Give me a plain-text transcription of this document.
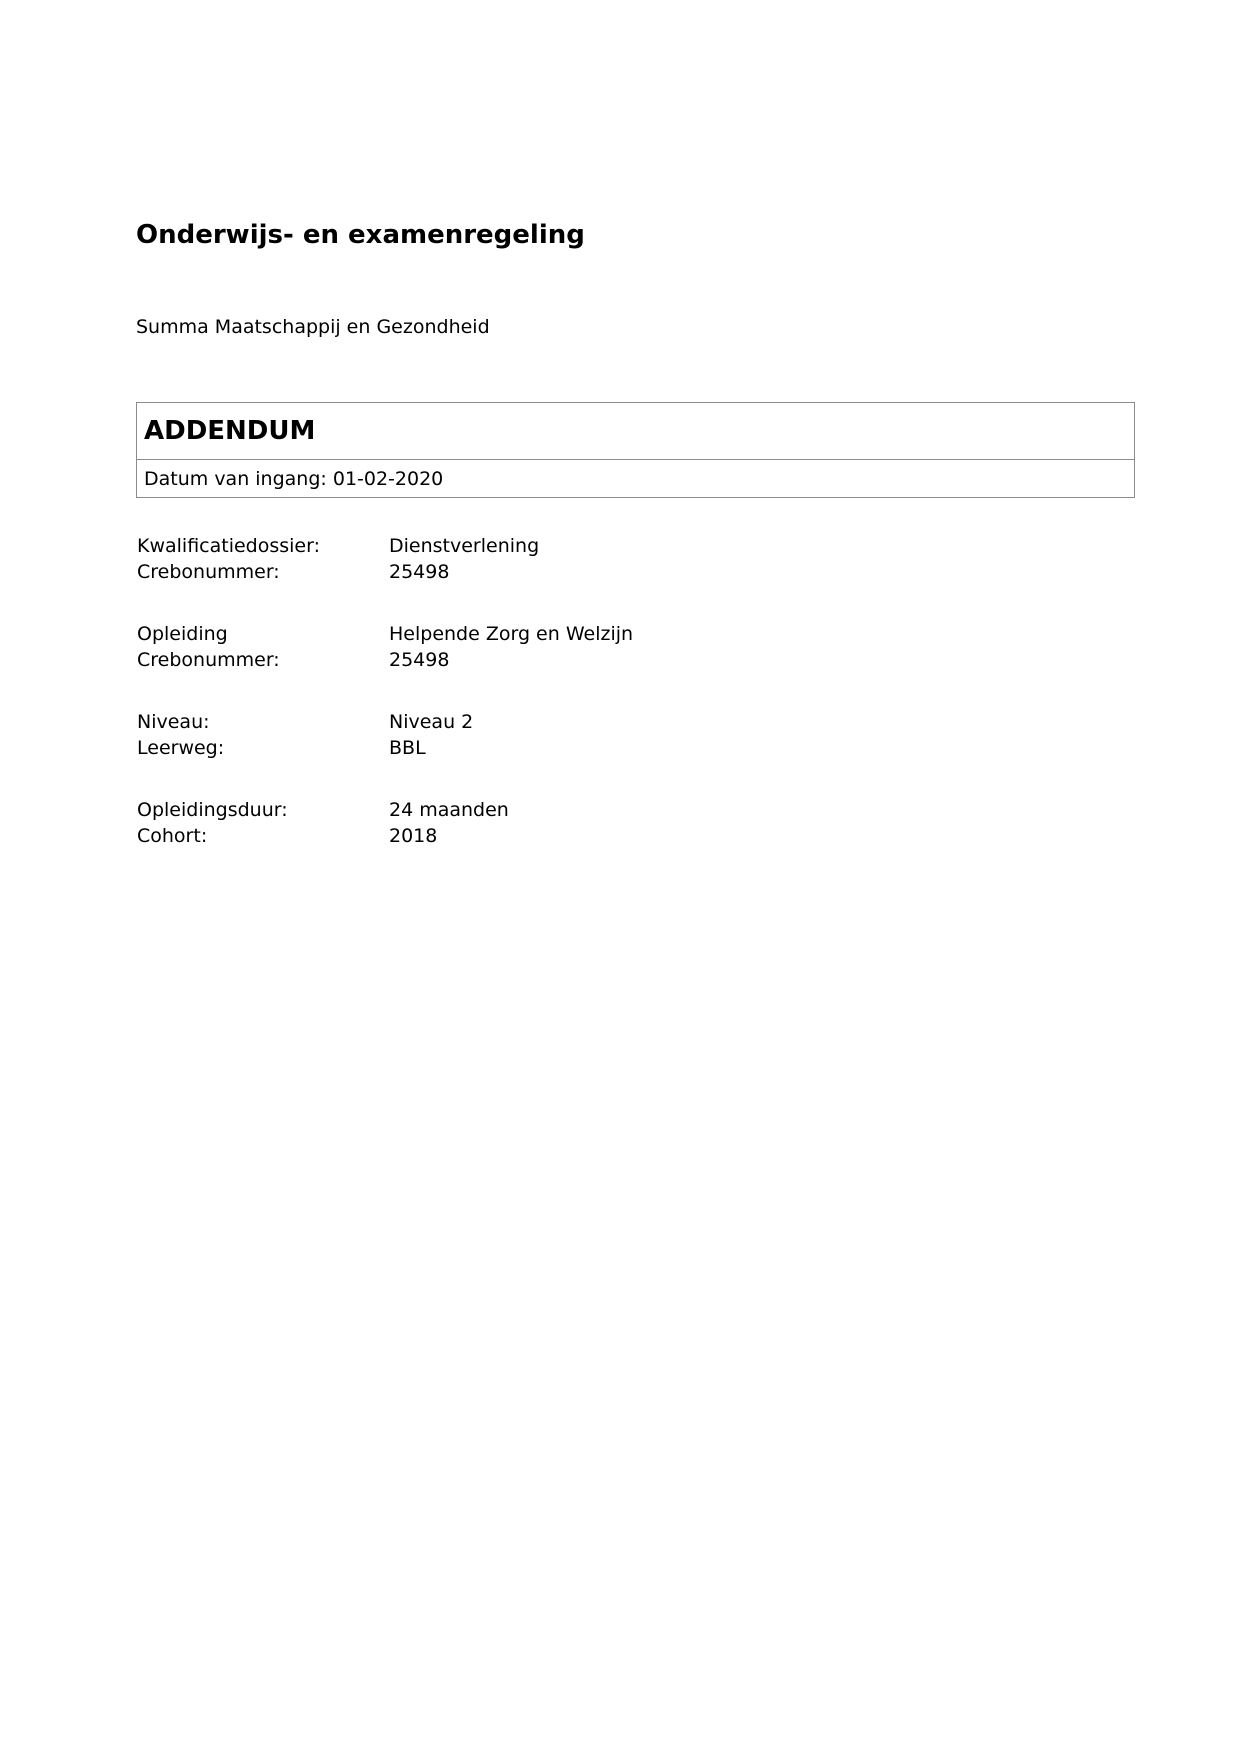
Onderwijs- en examenregeling

Summa Maatschappij en Gezondheid

ADDENDUM
Datum van ingang: 01-02-2020
Kwalificatiedossier:	Dienstverlening
Crebonummer:	25498
Opleiding	Helpende Zorg en Welzijn
Crebonummer:	25498
Niveau:	Niveau 2
Leerweg:	BBL
Opleidingsduur:	24 maanden
Cohort:	2018
